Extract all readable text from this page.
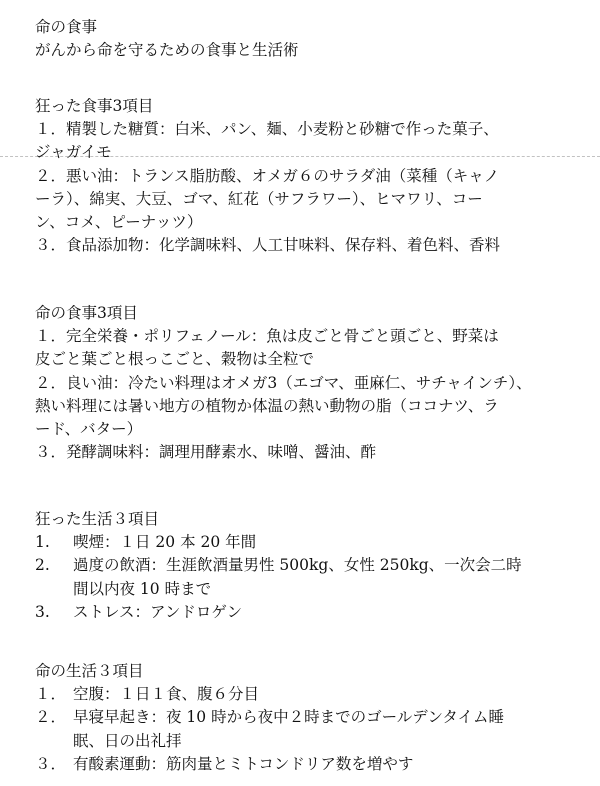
命の食事
がんから命を守るための食事と生活術
狂った食事3項目
１．精製した糖質：白米、パン、麺、小麦粉と砂糖で作った菓子、
ジャガイモ
２．悪い油：トランス脂肪酸、オメガ６のサラダ油（菜種（キャノ
ーラ）、綿実、大豆、ゴマ、紅花（サフラワー）、ヒマワリ、コー
ン、コメ、ピーナッツ）
３．食品添加物：化学調味料、人工甘味料、保存料、着色料、香料
命の食事3項目
１．完全栄養・ポリフェノール：魚は皮ごと骨ごと頭ごと、野菜は
皮ごと葉ごと根っこごと、穀物は全粒で
２．良い油：冷たい料理はオメガ3（エゴマ、亜麻仁、サチャインチ）、
熱い料理には暑い地方の植物か体温の熱い動物の脂（ココナツ、ラ
ード、バター）
３．発酵調味料：調理用酵素水、味噌、醤油、酢
狂った生活３項目
1. 喫煙：１日 20 本 20 年間
2. 過度の飲酒：生涯飲酒量男性 500kg、女性 250kg、一次会二時
間以内夜 10 時まで
3. ストレス：アンドロゲン
命の生活３項目
１． 空腹：１日１食、腹６分目
２． 早寝早起き：夜 10 時から夜中２時までのゴールデンタイム睡
眠、日の出礼拝
３． 有酸素運動：筋肉量とミトコンドリア数を増やす
